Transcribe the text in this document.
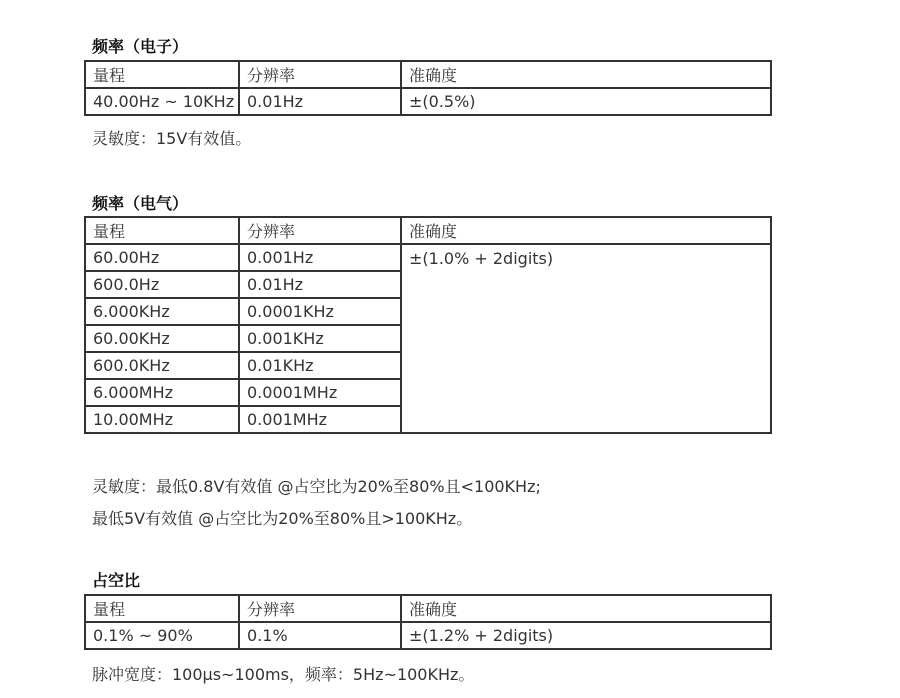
频率（电子）
量程	分辨率	准确度
40.00Hz ~ 10KHz	0.01Hz	±(0.5%)
灵敏度：15V有效值。
频率（电气）
量程	分辨率	准确度
60.00Hz	0.001Hz	±(1.0% + 2digits)
600.0Hz	0.01Hz	
6.000KHz	0.0001KHz	
60.00KHz	0.001KHz	
600.0KHz	0.01KHz	
6.000MHz	0.0001MHz	
10.00MHz	0.001MHz	
灵敏度：最低0.8V有效值 @占空比为20%至80%且<100KHz;
最低5V有效值 @占空比为20%至80%且>100KHz。
占空比
量程	分辨率	准确度
0.1% ~ 90%	0.1%	±(1.2% + 2digits)
脉冲宽度：100μs~100ms，频率：5Hz~100KHz。
